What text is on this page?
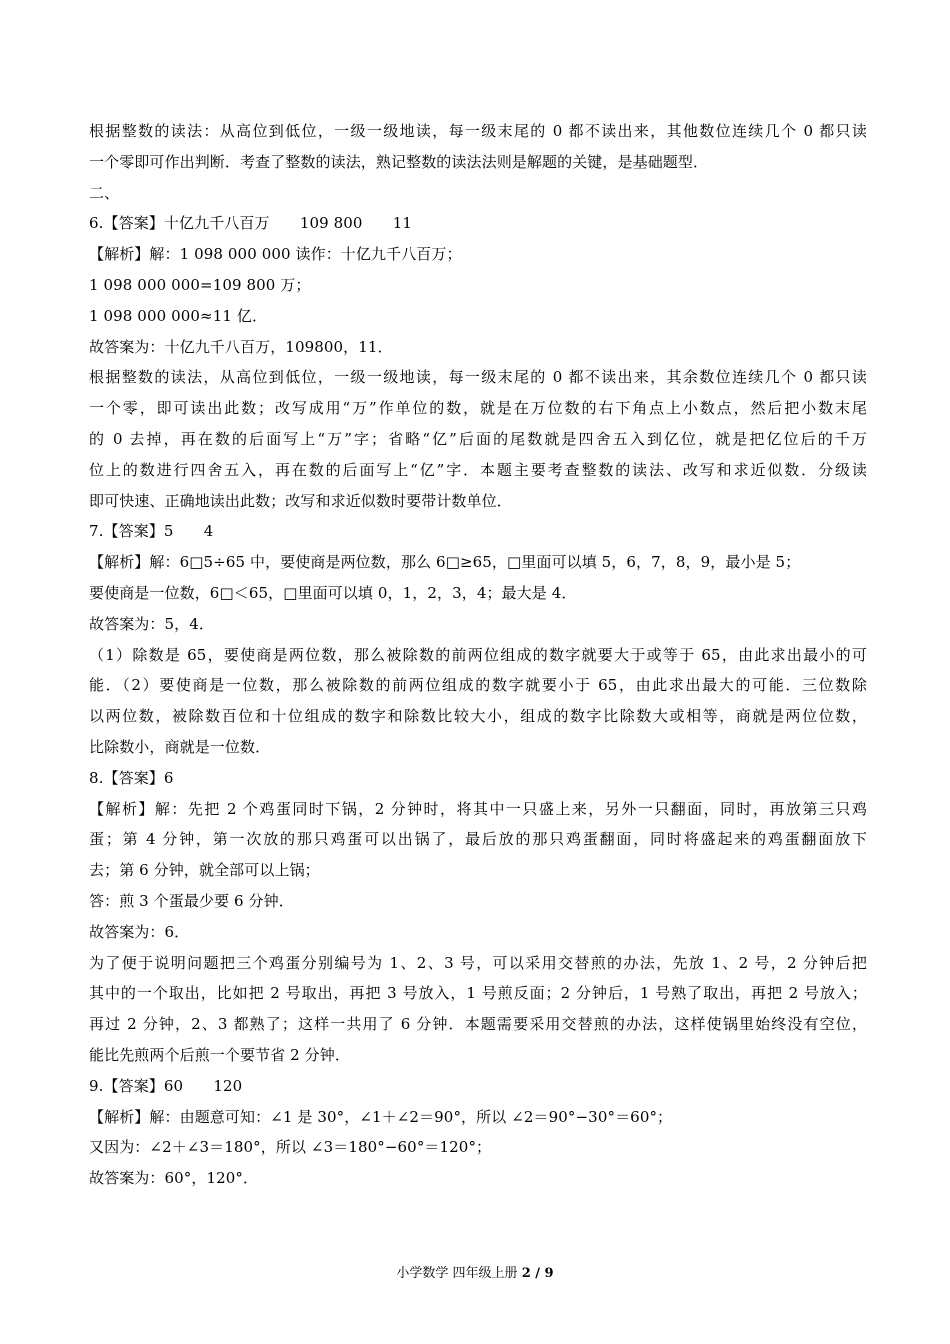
根据整数的读法：从高位到低位，一级一级地读，每一级末尾的 0 都不读出来，其他数位连续几个 0 都只读
一个零即可作出判断．考查了整数的读法，熟记整数的读法法则是解题的关键，是基础题型．
二、
6.【答案】十亿九千八百万　　109 800　　11
【解析】解：1 098 000 000 读作：十亿九千八百万；
1 098 000 000=109 800 万；
1 098 000 000≈11 亿．
故答案为：十亿九千八百万，109800，11．
根据整数的读法，从高位到低位，一级一级地读，每一级末尾的 0 都不读出来，其余数位连续几个 0 都只读
一个零，即可读出此数；改写成用“万”作单位的数，就是在万位数的右下角点上小数点，然后把小数末尾
的 0 去掉，再在数的后面写上“万”字；省略“亿”后面的尾数就是四舍五入到亿位，就是把亿位后的千万
位上的数进行四舍五入，再在数的后面写上“亿”字．本题主要考查整数的读法、改写和求近似数．分级读
即可快速、正确地读出此数；改写和求近似数时要带计数单位．
7.【答案】5　　4
【解析】解：6□5÷65 中，要使商是两位数，那么 6□≥65，□里面可以填 5，6，7，8，9，最小是 5；
要使商是一位数，6□＜65，□里面可以填 0，1，2，3，4；最大是 4．
故答案为：5，4．
（1）除数是 65，要使商是两位数，那么被除数的前两位组成的数字就要大于或等于 65，由此求出最小的可
能．（2）要使商是一位数，那么被除数的前两位组成的数字就要小于 65，由此求出最大的可能．三位数除
以两位数，被除数百位和十位组成的数字和除数比较大小，组成的数字比除数大或相等，商就是两位位数，
比除数小，商就是一位数．
8.【答案】6
【解析】解：先把 2 个鸡蛋同时下锅，2 分钟时，将其中一只盛上来，另外一只翻面，同时，再放第三只鸡
蛋；第 4 分钟，第一次放的那只鸡蛋可以出锅了，最后放的那只鸡蛋翻面，同时将盛起来的鸡蛋翻面放下
去；第 6 分钟，就全部可以上锅；
答：煎 3 个蛋最少要 6 分钟．
故答案为：6．
为了便于说明问题把三个鸡蛋分别编号为 1、2、3 号，可以采用交替煎的办法，先放 1、2 号，2 分钟后把
其中的一个取出，比如把 2 号取出，再把 3 号放入，1 号煎反面；2 分钟后，1 号熟了取出，再把 2 号放入；
再过 2 分钟，2、3 都熟了；这样一共用了 6 分钟．本题需要采用交替煎的办法，这样使锅里始终没有空位，
能比先煎两个后煎一个要节省 2 分钟．
9.【答案】60　　120
【解析】解：由题意可知：∠1 是 30°，∠1＋∠2＝90°，所以 ∠2＝90°−30°＝60°；
又因为：∠2＋∠3＝180°，所以 ∠3＝180°−60°＝120°；
故答案为：60°，120°．
小学数学 四年级上册 2 / 9
